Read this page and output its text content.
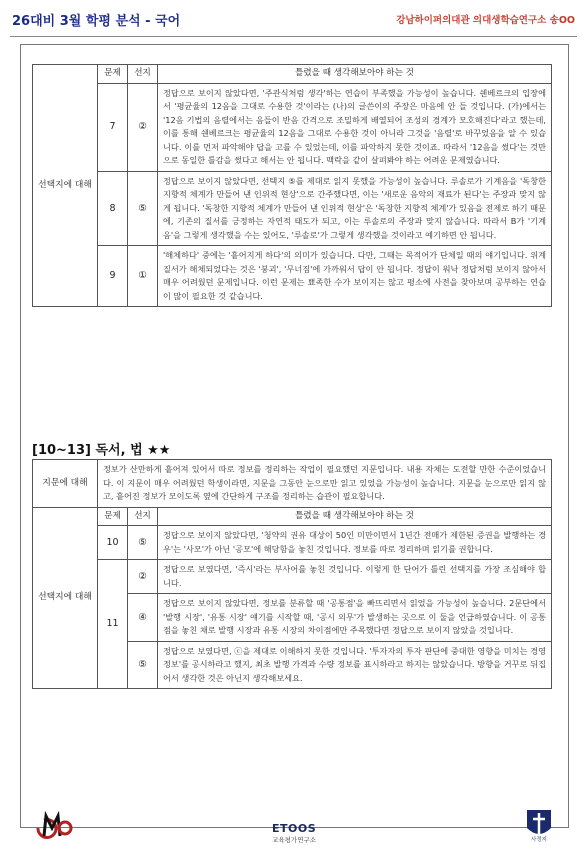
26대비 3월 학평 분석 - 국어	강남하이퍼의대관 의대생학습연구소 송OO
선택지에 대해	문제	선지	틀렸을 때 생각해보아야 하는 것
	7	②	정답으로 보이지 않았다면, '주관식처럼 생각'하는 연습이 부족했을 가능성이 높습니다. 쉔베르크의 입장에서 '평균율의 12음을 그대로 수용한 것'이라는 (나)의 글쓴이의 주장은 마음에 안 들 것입니다. (가)에서는 '12음 기법의 음렬에서는 음들이 반음 간격으로 조밀하게 배열되어 조성의 경계가 모호해진다'라고 했는데, 이를 통해 쉔베르크는 평균율의 12음을 그대로 수용한 것이 아니라 그것을 '음렬'로 바꾸었음을 알 수 있습니다. 이를 먼저 파악해야 답을 고를 수 있었는데, 이를 파악하지 못한 것이죠. 따라서 '12음을 썼다'는 것만으로 동일한 틀감을 썼다고 해서는 안 됩니다. 맥락을 같이 살펴봐야 하는 어려운 문제였습니다.
	8	⑤	정답으로 보이지 않았다면, 선택지 ⑤를 제대로 읽지 못했을 가능성이 높습니다. 루솔로가 기계음을 '독창한 지향적 체계가 만들어 낸 인위적 현상'으로 간주했다면, 이는 '새로운 음악의 재료가 된다'는 주장과 맞지 않게 됩니다. '독창한 지향적 체계가 만들어 낸 인위적 현상'은 '독창한 지향적 체계'가 있음을 전제로 하기 때문에, 기존의 질서를 긍정하는 자연적 태도가 되고, 이는 루솔로의 주장과 맞지 않습니다. 따라서 B가 '기계음'을 그렇게 생각했을 수는 있어도, '루솔로'가 그렇게 생각했을 것이라고 예기하면 안 됩니다.
	9	①	'해체하다' 중에는 '흩어지게 하다'의 의미가 있습니다. 다만, 그때는 목적어가 단체일 때의 얘기입니다. 위계질서가 해체되었다는 것은 '붕괴', '무너짐'에 가까워서 답이 안 됩니다. 정답이 워낙 정답처럼 보이지 않아서 매우 어려웠던 문제입니다. 이런 문제는 뾰족한 수가 보이지는 않고 평소에 사전을 찾아보며 공부하는 연습이 많이 필요한 것 같습니다.
[10~13] 독서, 법 ★★
지문에 대해	정보가 산만하게 흩어져 있어서 따로 정보를 정리하는 작업이 필요했던 지문입니다. 내용 자체는 도전할 만한 수준이었습니다. 이 지문이 매우 어려웠던 학생이라면, 지문을 그동안 눈으로만 읽고 있었을 가능성이 높습니다. 지문을 눈으로만 읽지 않고, 흩어진 정보가 모이도록 옆에 간단하게 구조를 정리하는 습관이 필요합니다.		
선택지에 대해	문제	선지	틀렸을 때 생각해보아야 하는 것
	10	⑤	정답으로 보이지 않았다면, '청약의 권유 대상이 50인 미만이면서 1년간 전매가 제한된 증권을 발행하는 경우'는 '사모'가 아닌 '공모'에 해당함을 놓친 것입니다. 정보를 따로 정리하며 읽기를 권합니다.
	11	②	정답으로 보였다면, '즉시'라는 부사어를 놓친 것입니다. 이렇게 한 단어가 틀린 선택지를 가장 조심해야 합니다.
		④	정답으로 보이지 않았다면, 정보를 분류할 때 '공통점'을 빠뜨리면서 읽었을 가능성이 높습니다. 2문단에서 '발행 시장', '유통 시장' 얘기를 시작할 때, '공시 의무'가 발생하는 곳으로 이 둘을 언급하였습니다. 이 공통점을 놓친 채로 발행 시장과 유통 시장의 차이점에만 주목했다면 정답으로 보이지 않았을 것입니다.
		⑤	정답으로 보였다면, ⓒ을 제대로 이해하지 못한 것입니다. '투자자의 투자 판단에 중대한 영향을 미치는 경영 정보'를 공시하라고 했지, 최초 발행 가격과 수량 정보를 표시하라고 하지는 않았습니다. 방향을 거꾸로 뒤집어서 생각한 것은 아닌지 생각해보세요.
ETOOS
교육평가연구소	사정지
